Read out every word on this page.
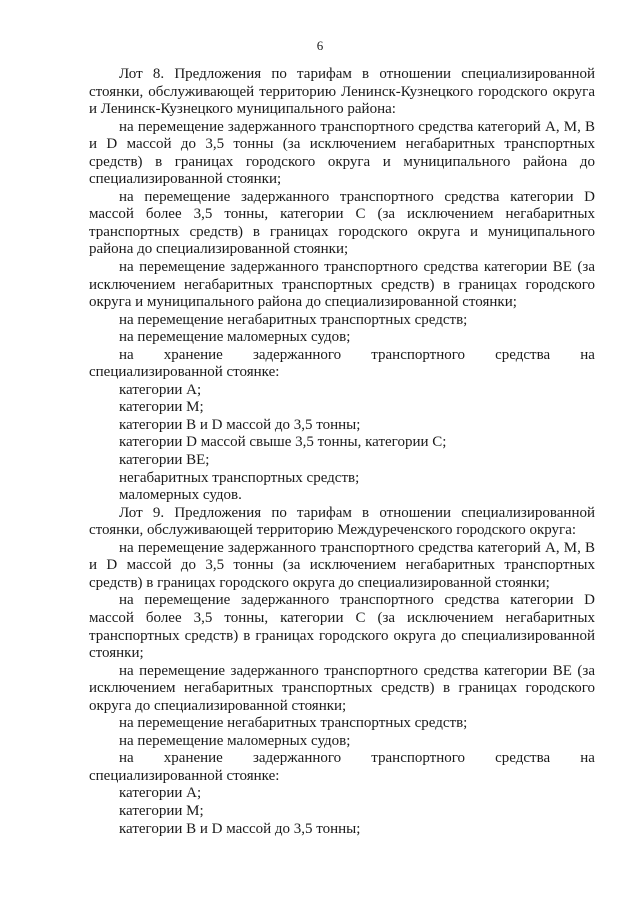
6

Лот 8. Предложения по тарифам в отношении специализированной стоянки, обслуживающей территорию Ленинск-Кузнецкого городского округа и Ленинск-Кузнецкого муниципального района:

на перемещение задержанного транспортного средства категорий A, M, B и D массой до 3,5 тонны (за исключением негабаритных транспортных средств) в границах городского округа и муниципального района до специализированной стоянки;

на перемещение задержанного транспортного средства категории D массой более 3,5 тонны, категории C (за исключением негабаритных транспортных средств) в границах городского округа и муниципального района до специализированной стоянки;

на перемещение задержанного транспортного средства категории BE (за исключением негабаритных транспортных средств) в границах городского округа и муниципального района до специализированной стоянки;

на перемещение негабаритных транспортных средств;

на перемещение маломерных судов;

на хранение задержанного транспортного средства на

специализированной стоянке:

категории A;

категории M;

категории B и D массой до 3,5 тонны;

категории D массой свыше 3,5 тонны, категории C;

категории BE;

негабаритных транспортных средств;

маломерных судов.

Лот 9. Предложения по тарифам в отношении специализированной стоянки, обслуживающей территорию Междуреченского городского округа:

на перемещение задержанного транспортного средства категорий A, M, B и D массой до 3,5 тонны (за исключением негабаритных транспортных средств) в границах городского округа до специализированной стоянки;

на перемещение задержанного транспортного средства категории D массой более 3,5 тонны, категории C (за исключением негабаритных транспортных средств) в границах городского округа до специализированной стоянки;

на перемещение задержанного транспортного средства категории BE (за исключением негабаритных транспортных средств) в границах городского округа до специализированной стоянки;

на перемещение негабаритных транспортных средств;

на перемещение маломерных судов;

на хранение задержанного транспортного средства на

специализированной стоянке:

категории A;

категории M;

категории B и D массой до 3,5 тонны;
